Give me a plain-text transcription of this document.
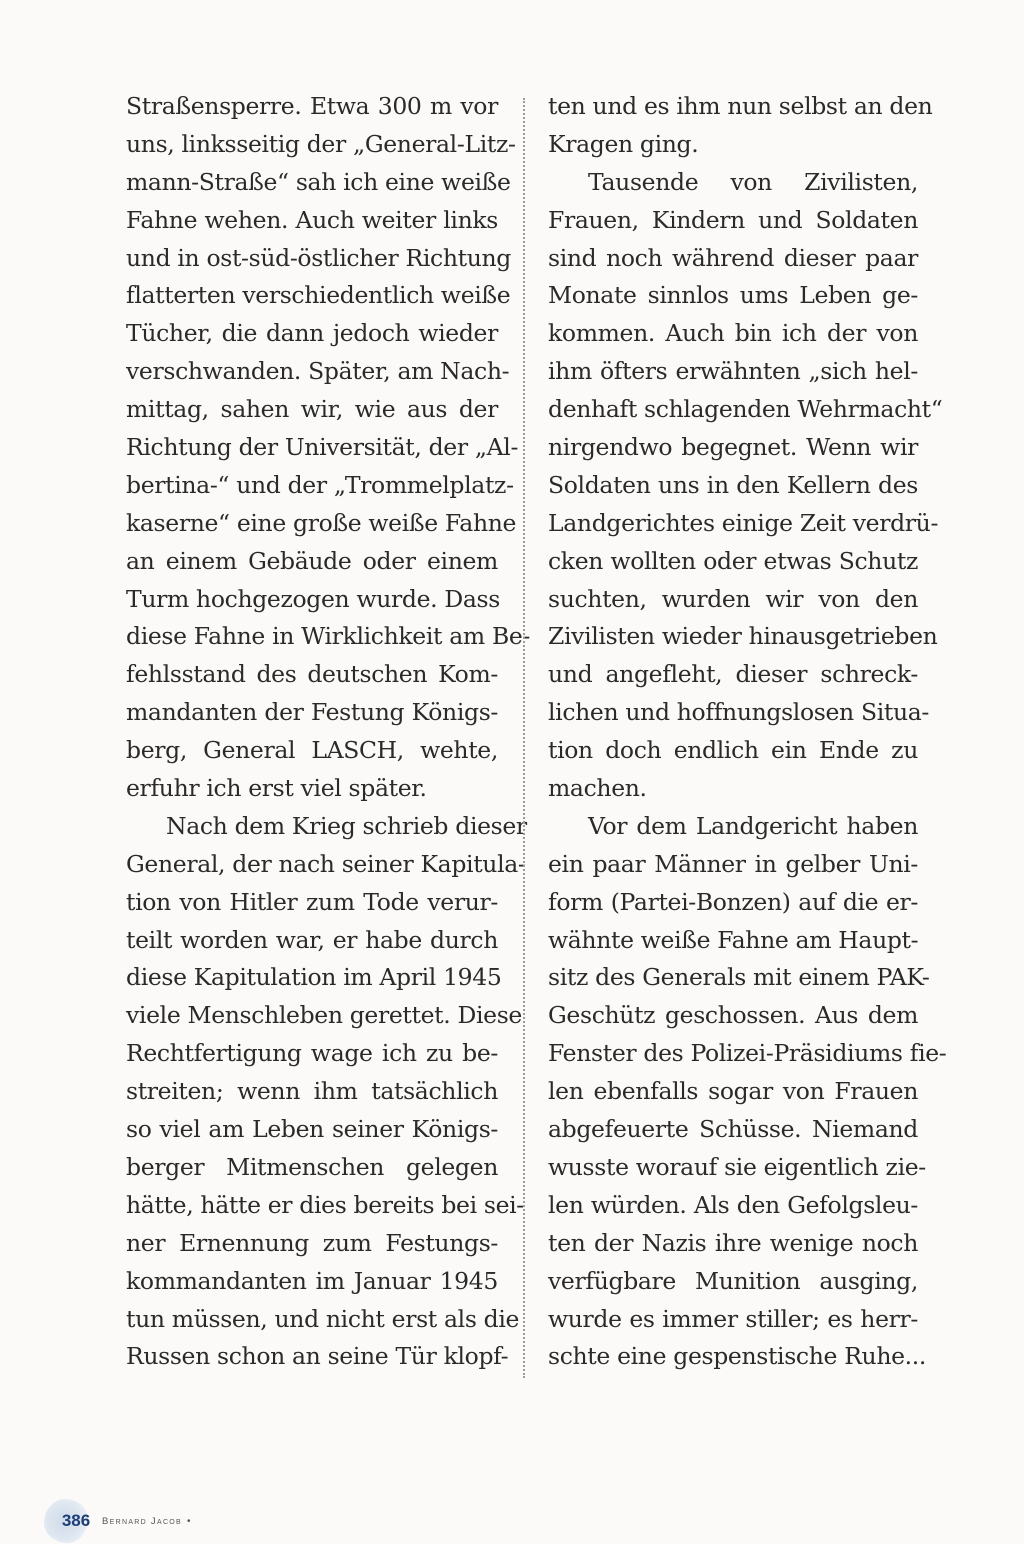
Straßensperre. Etwa 300 m vor
uns, linksseitig der „General-Litz-
mann-Straße“ sah ich eine weiße
Fahne wehen. Auch weiter links
und in ost-süd-östlicher Richtung
flatterten verschiedentlich weiße
Tücher, die dann jedoch wieder
verschwanden. Später, am Nach-
mittag, sahen wir, wie aus der
Richtung der Universität, der „Al-
bertina-“ und der „Trommelplatz-
kaserne“ eine große weiße Fahne
an einem Gebäude oder einem
Turm hochgezogen wurde. Dass
diese Fahne in Wirklichkeit am Be-
fehlsstand des deutschen Kom-
mandanten der Festung Königs-
berg, General LASCH, wehte,
erfuhr ich erst viel später.
Nach dem Krieg schrieb dieser
General, der nach seiner Kapitula-
tion von Hitler zum Tode verur-
teilt worden war, er habe durch
diese Kapitulation im April 1945
viele Menschleben gerettet. Diese
Rechtfertigung wage ich zu be-
streiten; wenn ihm tatsächlich
so viel am Leben seiner Königs-
berger Mitmenschen gelegen
hätte, hätte er dies bereits bei sei-
ner Ernennung zum Festungs-
kommandanten im Januar 1945
tun müssen, und nicht erst als die
Russen schon an seine Tür klopf-
ten und es ihm nun selbst an den
Kragen ging.
Tausende von Zivilisten,
Frauen, Kindern und Soldaten
sind noch während dieser paar
Monate sinnlos ums Leben ge-
kommen. Auch bin ich der von
ihm öfters erwähnten „sich hel-
denhaft schlagenden Wehrmacht“
nirgendwo begegnet. Wenn wir
Soldaten uns in den Kellern des
Landgerichtes einige Zeit verdrü-
cken wollten oder etwas Schutz
suchten, wurden wir von den
Zivilisten wieder hinausgetrieben
und angefleht, dieser schreck-
lichen und hoffnungslosen Situa-
tion doch endlich ein Ende zu
machen.
Vor dem Landgericht haben
ein paar Männer in gelber Uni-
form (Partei-Bonzen) auf die er-
wähnte weiße Fahne am Haupt-
sitz des Generals mit einem PAK-
Geschütz geschossen. Aus dem
Fenster des Polizei-Präsidiums fie-
len ebenfalls sogar von Frauen
abgefeuerte Schüsse. Niemand
wusste worauf sie eigentlich zie-
len würden. Als den Gefolgsleu-
ten der Nazis ihre wenige noch
verfügbare Munition ausging,
wurde es immer stiller; es herr-
schte eine gespenstische Ruhe...
386 Bernard Jacob •
